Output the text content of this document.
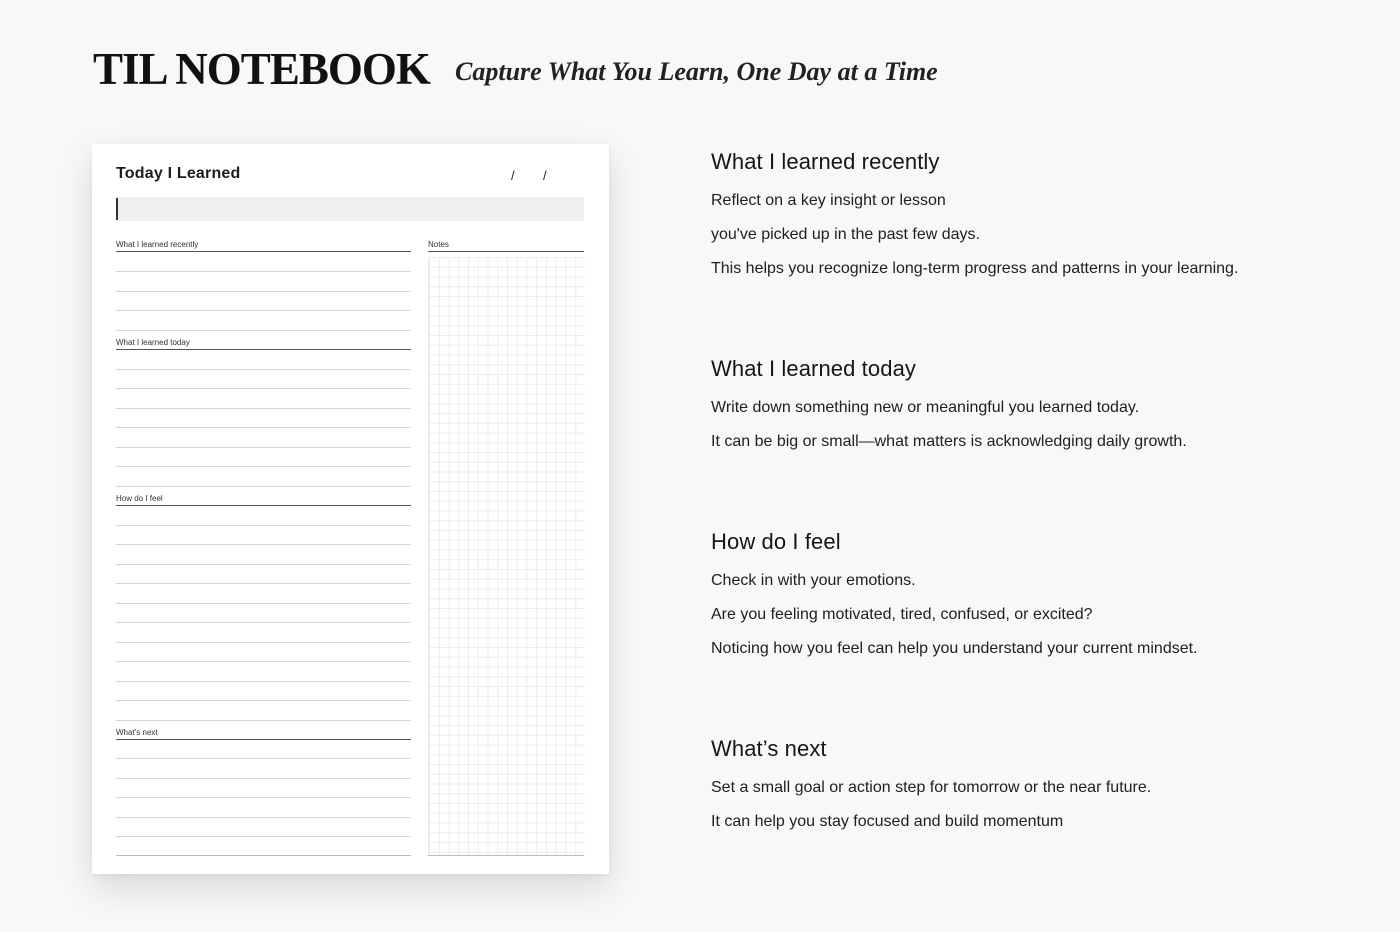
TIL NOTEBOOK Capture What You Learn, One Day at a Time
Today I Learned	/ /
What I learned recently
What I learned today
How do I feel
What’s next
Notes
What I learned recently

Reflect on a key insight or lesson

you've picked up in the past few days.

This helps you recognize long-term progress and patterns in your learning.

What I learned today

Write down something new or meaningful you learned today.

It can be big or small—what matters is acknowledging daily growth.

How do I feel

Check in with your emotions.

Are you feeling motivated, tired, confused, or excited?

Noticing how you feel can help you understand your current mindset.

What’s next

Set a small goal or action step for tomorrow or the near future.

It can help you stay focused and build momentum
